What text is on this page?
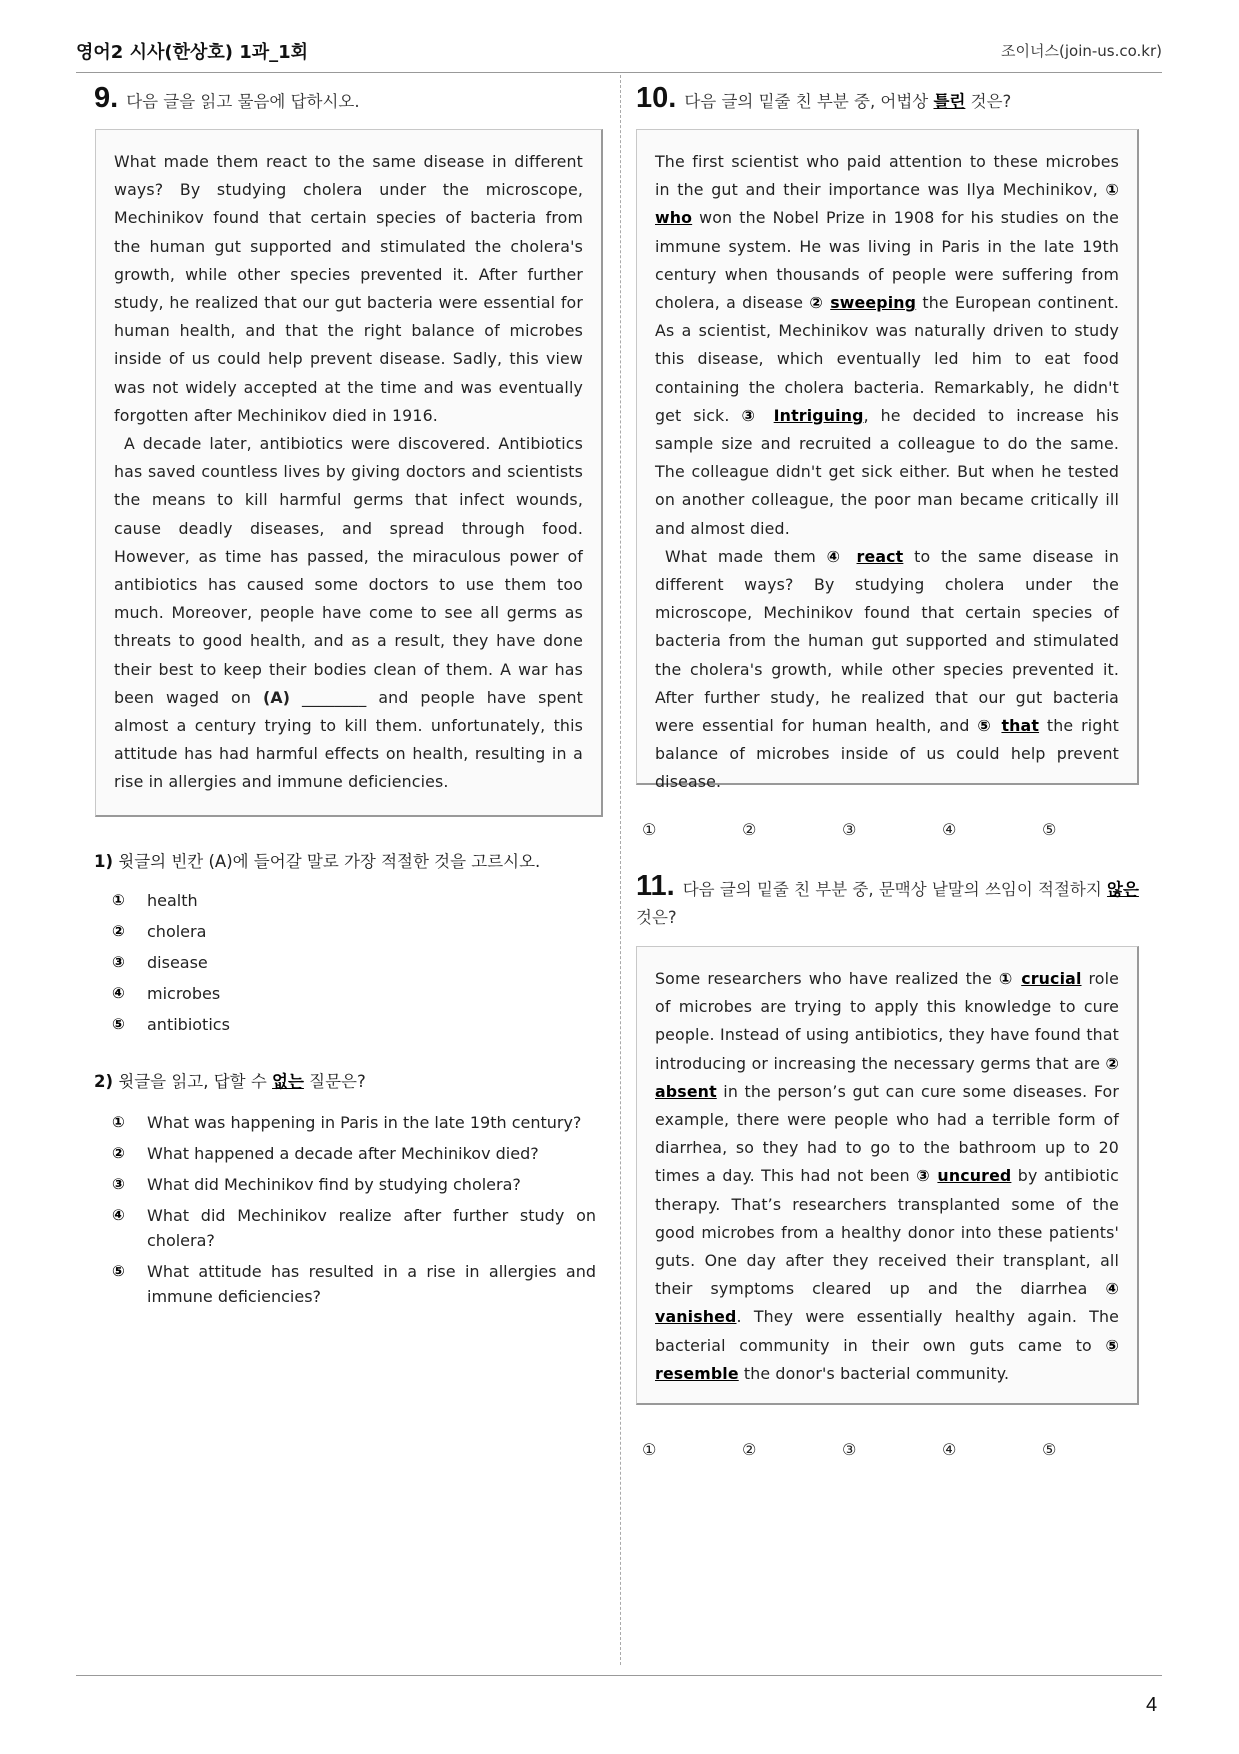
영어2 시사(한상호) 1과_1회	조이너스(join-us.co.kr)
9. 다음 글을 읽고 물음에 답하시오.

What made them react to the same disease in different ways? By studying cholera under the microscope, Mechinikov found that certain species of bacteria from the human gut supported and stimulated the cholera's growth, while other species prevented it. After further study, he realized that our gut bacteria were essential for human health, and that the right balance of microbes inside of us could help prevent disease. Sadly, this view was not widely accepted at the time and was eventually forgotten after Mechinikov died in 1916.

A decade later, antibiotics were discovered. Antibiotics has saved countless lives by giving doctors and scientists the means to kill harmful germs that infect wounds, cause deadly diseases, and spread through food. However, as time has passed, the miraculous power of antibiotics has caused some doctors to use them too much. Moreover, people have come to see all germs as threats to good health, and as a result, they have done their best to keep their bodies clean of them. A war has been waged on (A) ________ and people have spent almost a century trying to kill them. unfortunately, this attitude has had harmful effects on health, resulting in a rise in allergies and immune deficiencies.

1) 윗글의 빈칸 (A)에 들어갈 말로 가장 적절한 것을 고르시오.
①	health
②	cholera
③	disease
④	microbes
⑤	antibiotics
2) 윗글을 읽고, 답할 수 없는 질문은?
①	What was happening in Paris in the late 19th century?
②	What happened a decade after Mechinikov died?
③	What did Mechinikov find by studying cholera?
④	What did Mechinikov realize after further study on cholera?
⑤	What attitude has resulted in a rise in allergies and immune deficiencies?
10. 다음 글의 밑줄 친 부분 중, 어법상 틀린 것은?

The first scientist who paid attention to these microbes in the gut and their importance was Ilya Mechinikov, ① who won the Nobel Prize in 1908 for his studies on the immune system. He was living in Paris in the late 19th century when thousands of people were suffering from cholera, a disease ② sweeping the European continent. As a scientist, Mechinikov was naturally driven to study this disease, which eventually led him to eat food containing the cholera bacteria. Remarkably, he didn't get sick. ③ Intriguing, he decided to increase his sample size and recruited a colleague to do the same. The colleague didn't get sick either. But when he tested on another colleague, the poor man became critically ill and almost died.

What made them ④ react to the same disease in different ways? By studying cholera under the microscope, Mechinikov found that certain species of bacteria from the human gut supported and stimulated the cholera's growth, while other species prevented it. After further study, he realized that our gut bacteria were essential for human health, and ⑤ that the right balance of microbes inside of us could help prevent disease.

①	②	③	④	⑤
11. 다음 글의 밑줄 친 부분 중, 문맥상 낱말의 쓰임이 적절하지 않은 것은?

Some researchers who have realized the ① crucial role of microbes are trying to apply this knowledge to cure people. Instead of using antibiotics, they have found that introducing or increasing the necessary germs that are ② absent in the person’s gut can cure some diseases. For example, there were people who had a terrible form of diarrhea, so they had to go to the bathroom up to 20 times a day. This had not been ③ uncured by antibiotic therapy. That’s researchers transplanted some of the good microbes from a healthy donor into these patients' guts. One day after they received their transplant, all their symptoms cleared up and the diarrhea ④ vanished. They were essentially healthy again. The bacterial community in their own guts came to ⑤ resemble the donor's bacterial community.

①	②	③	④	⑤
4
